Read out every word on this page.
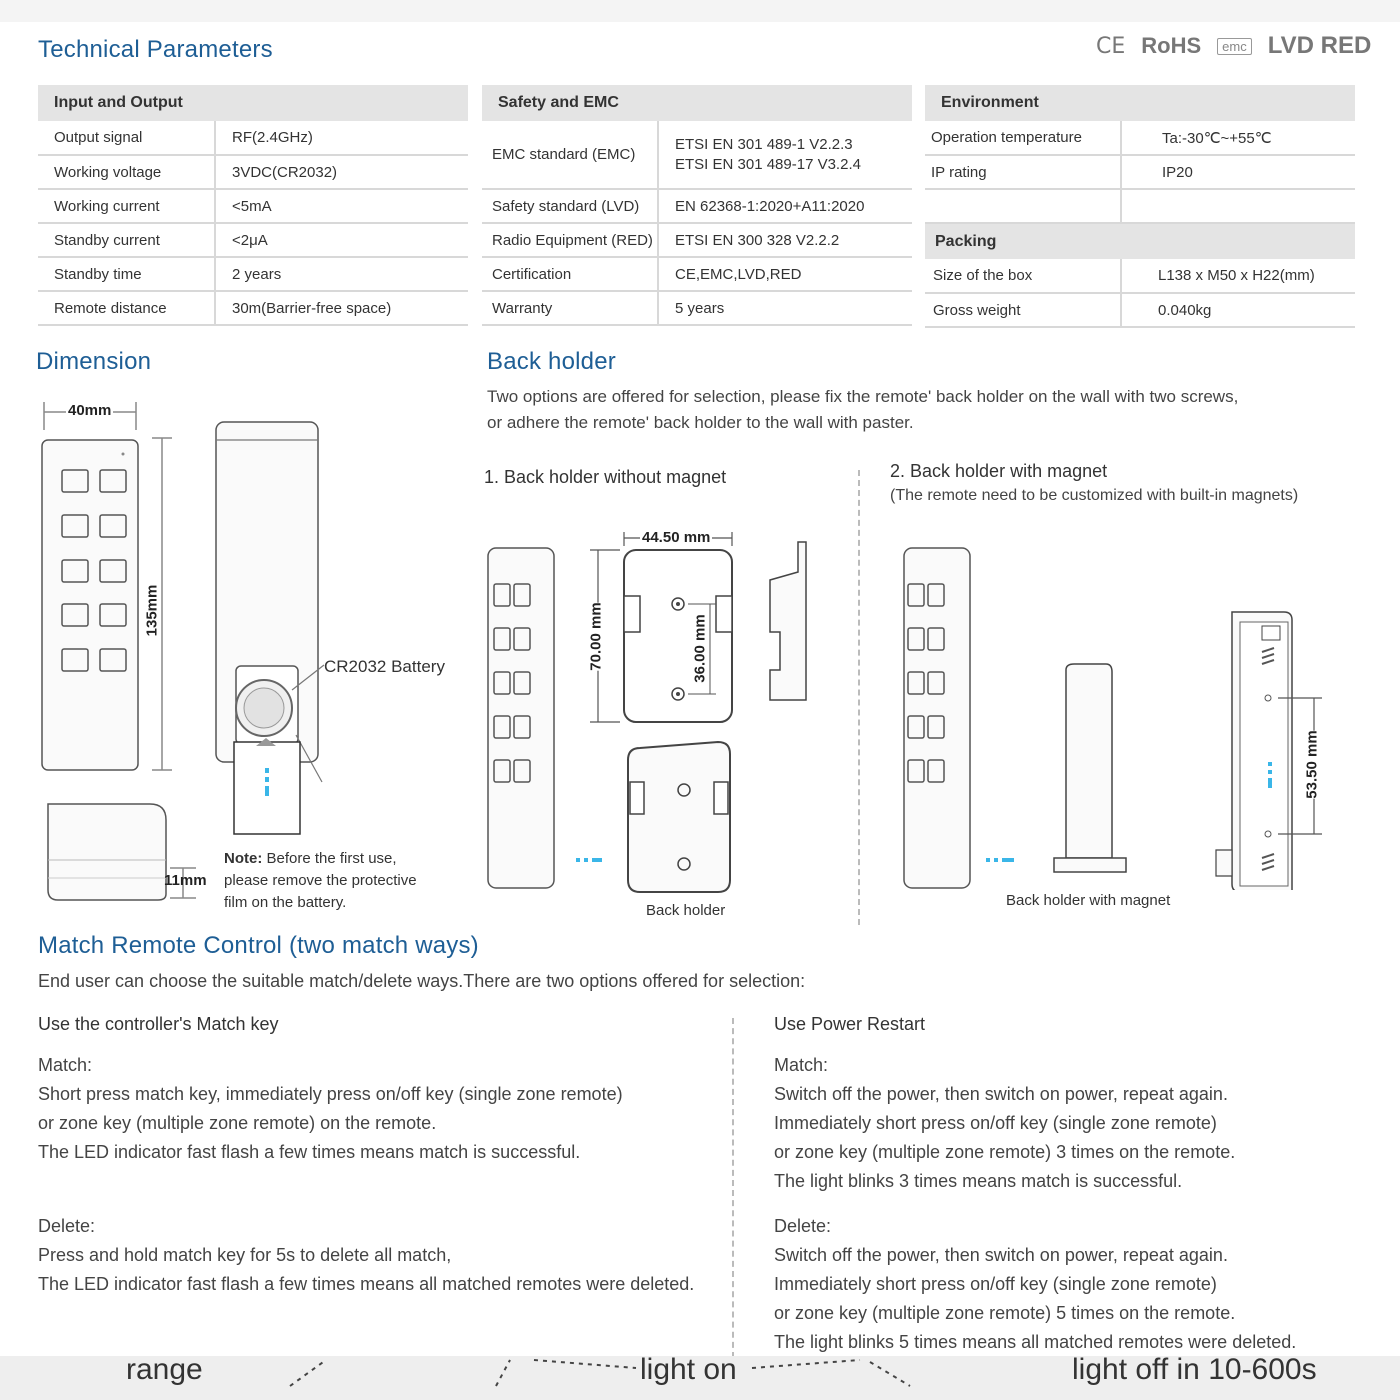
Technical Parameters	CE RoHS	emc LVD RED
Input and Output	
Output signal	RF(2.4GHz)
Working voltage	3VDC(CR2032)
Working current	<5mA
Standby current	<2μA
Standby time	2 years
Remote distance	30m(Barrier-free space)
Safety and EMC	
EMC standard (EMC)	ETSI EN 301 489-1 V2.2.3
ETSI EN 301 489-17 V3.2.4

Safety standard (LVD)	EN 62368-1:2020+A11:2020
Radio Equipment (RED)	ETSI EN 300 328 V2.2.2
Certification	CE,EMC,LVD,RED
Warranty	5 years
Environment	
Operation temperature	Ta:-30℃~+55℃
IP rating	IP20

Packing	
Size of the box	L138 x M50 x H22(mm)
Gross weight	0.040kg
Dimension
40mm
135mm
11mm
CR2032 Battery
Note: Before the first use,
please remove the protective
film on the battery.
Back holder
Two options are offered for selection, please fix the remote' back holder on the wall with two screws,
or adhere the remote' back holder to the wall with paster.
1. Back holder without magnet	2. Back holder with magnet
(The remote need to be customized with built-in magnets)
44.50 mm
70.00 mm	36.00 mm
Back holder
53.50 mm
Back holder with magnet
Match Remote Control (two match ways)
End user can choose the suitable match/delete ways.There are two options offered for selection:
Use the controller's Match key
Match:
Short press match key, immediately press on/off key (single zone remote)
or zone key (multiple zone remote) on the remote.
The LED indicator fast flash a few times means match is successful.
Delete:
Press and hold match key for 5s to delete all match,
The LED indicator fast flash a few times means all matched remotes were deleted.
Use Power Restart
Match:
Switch off the power, then switch on power, repeat again.
Immediately short press on/off key (single zone remote)
or zone key (multiple zone remote) 3 times on the remote.
The light blinks 3 times means match is successful.
Delete:
Switch off the power, then switch on power, repeat again.
Immediately short press on/off key (single zone remote)
or zone key (multiple zone remote) 5 times on the remote.
The light blinks 5 times means all matched remotes were deleted.
range	light on	light off in 10-600s
